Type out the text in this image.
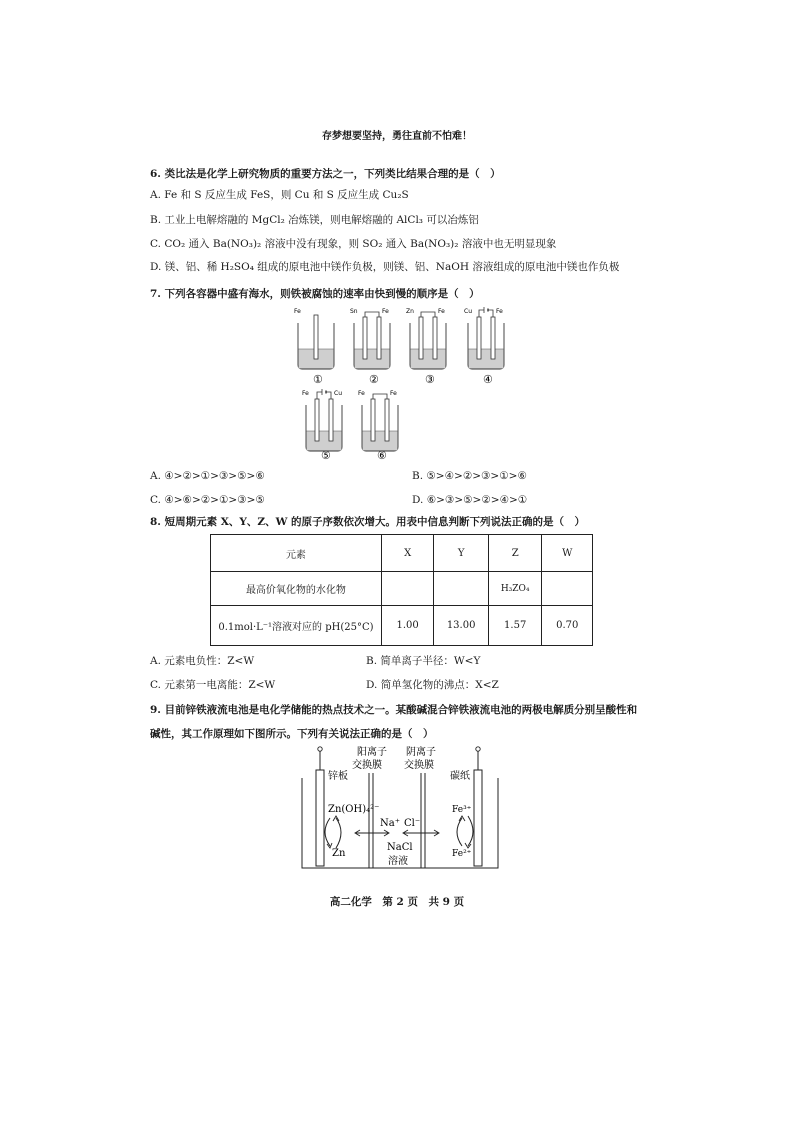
存梦想要坚持，勇往直前不怕难！
6. 类比法是化学上研究物质的重要方法之一，下列类比结果合理的是（　）
A. Fe 和 S 反应生成 FeS，则 Cu 和 S 反应生成 Cu₂S
B. 工业上电解熔融的 MgCl₂ 冶炼镁，则电解熔融的 AlCl₃ 可以冶炼铝
C. CO₂ 通入 Ba(NO₃)₂ 溶液中没有现象，则 SO₂ 通入 Ba(NO₃)₂ 溶液中也无明显现象
D. 镁、铝、稀 H₂SO₄ 组成的原电池中镁作负极，则镁、铝、NaOH 溶液组成的原电池中镁也作负极
7. 下列各容器中盛有海水，则铁被腐蚀的速率由快到慢的顺序是（　）
Fe
①
Sn	Fe
②
Zn	Fe
③
Cu	Fe
④
Fe	Cu
⑤
Fe	Fe
⑥
A. ④>②>①>③>⑤>⑥	B. ⑤>④>②>③>①>⑥
C. ④>⑥>②>①>③>⑤	D. ⑥>③>⑤>②>④>①
8. 短周期元素 X、Y、Z、W 的原子序数依次增大。用表中信息判断下列说法正确的是（　）
元素	X	Y	Z	W
最高价氧化物的水化物			H₃ZO₄	
0.1mol·L⁻¹溶液对应的 pH(25°C)	1.00	13.00	1.57	0.70
A. 元素电负性：Z<W	B. 简单离子半径：W<Y
C. 元素第一电离能：Z<W	D. 简单氢化物的沸点：X<Z
9. 目前锌铁液流电池是电化学储能的热点技术之一。某酸碱混合锌铁液流电池的两极电解质分别呈酸性和
碱性，其工作原理如下图所示。下列有关说法正确的是（　）
阳离子
交换膜
阴离子
交换膜
锌板	碳纸
Zn(OH)₄²⁻
Zn
Fe³⁺
Fe²⁺
Na⁺ Cl⁻
NaCl
溶液
高二化学　第 2 页　共 9 页
